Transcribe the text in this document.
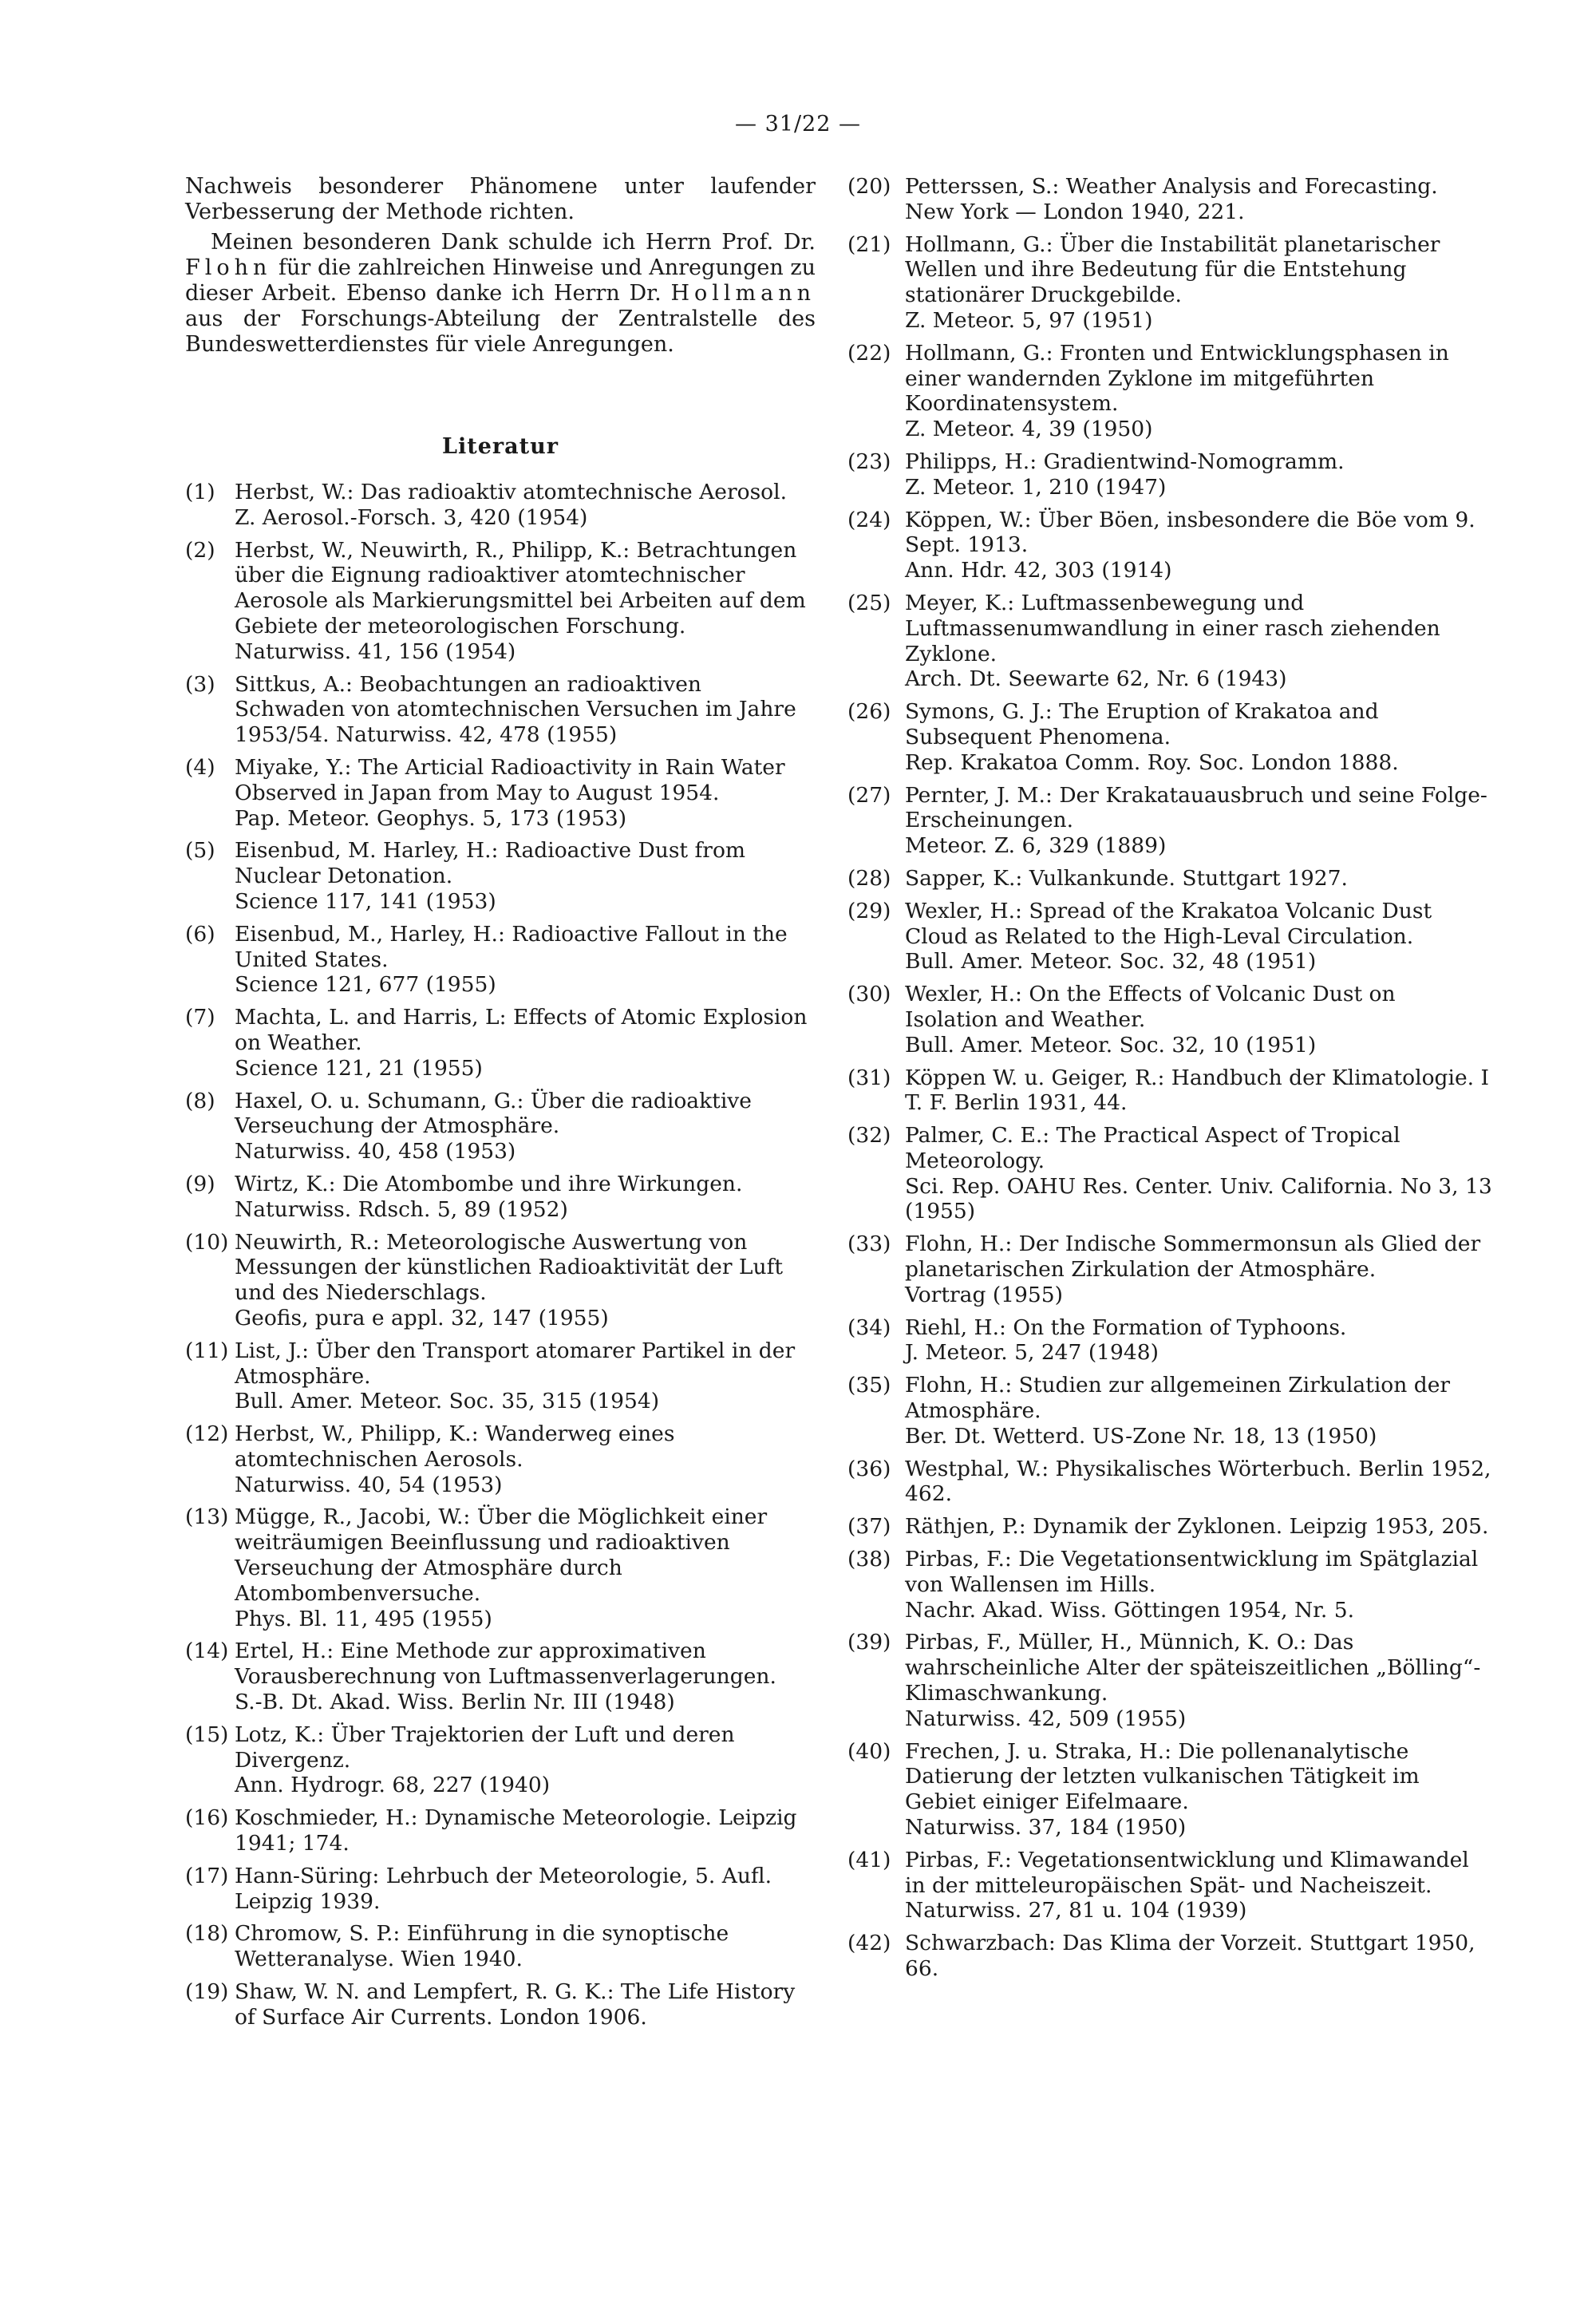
— 31/22 —

Nachweis besonderer Phänomene unter laufender Verbesserung der Methode richten.

Meinen besonderen Dank schulde ich Herrn Prof. Dr. Flohn für die zahlreichen Hinweise und Anregungen zu dieser Arbeit. Ebenso danke ich Herrn Dr. Hollmann aus der Forschungs-Abteilung der Zentralstelle des Bundeswetterdienstes für viele Anregungen.

Literatur
(1) Herbst, W.: Das radioaktiv atomtechnische Aerosol.
Z. Aerosol.-Forsch. 3, 420 (1954)
(2) Herbst, W., Neuwirth, R., Philipp, K.: Betrachtungen über die Eignung radioaktiver atomtechnischer Aerosole als Markierungsmittel bei Arbeiten auf dem Gebiete der meteorologischen Forschung.
Naturwiss. 41, 156 (1954)
(3) Sittkus, A.: Beobachtungen an radioaktiven Schwaden von atomtechnischen Versuchen im Jahre 1953/54. Naturwiss. 42, 478 (1955)
(4) Miyake, Y.: The Articial Radioactivity in Rain Water Observed in Japan from May to August 1954.
Pap. Meteor. Geophys. 5, 173 (1953)
(5) Eisenbud, M. Harley, H.: Radioactive Dust from Nuclear Detonation.
Science 117, 141 (1953)
(6) Eisenbud, M., Harley, H.: Radioactive Fallout in the United States.
Science 121, 677 (1955)
(7) Machta, L. and Harris, L: Effects of Atomic Explosion on Weather.
Science 121, 21 (1955)
(8) Haxel, O. u. Schumann, G.: Über die radioaktive Verseuchung der Atmosphäre.
Naturwiss. 40, 458 (1953)
(9) Wirtz, K.: Die Atombombe und ihre Wirkungen.
Naturwiss. Rdsch. 5, 89 (1952)
(10) Neuwirth, R.: Meteorologische Auswertung von Messungen der künstlichen Radioaktivität der Luft und des Niederschlags.
Geofis, pura e appl. 32, 147 (1955)
(11) List, J.: Über den Transport atomarer Partikel in der Atmosphäre.
Bull. Amer. Meteor. Soc. 35, 315 (1954)
(12) Herbst, W., Philipp, K.: Wanderweg eines atomtechnischen Aerosols.
Naturwiss. 40, 54 (1953)
(13) Mügge, R., Jacobi, W.: Über die Möglichkeit einer weiträumigen Beeinflussung und radioaktiven Verseuchung der Atmosphäre durch Atombombenversuche.
Phys. Bl. 11, 495 (1955)
(14) Ertel, H.: Eine Methode zur approximativen Vorausberechnung von Luftmassenverlagerungen.
S.-B. Dt. Akad. Wiss. Berlin Nr. III (1948)
(15) Lotz, K.: Über Trajektorien der Luft und deren Divergenz.
Ann. Hydrogr. 68, 227 (1940)
(16) Koschmieder, H.: Dynamische Meteorologie. Leipzig 1941; 174.
(17) Hann-Süring: Lehrbuch der Meteorologie, 5. Aufl. Leipzig 1939.
(18) Chromow, S. P.: Einführung in die synoptische Wetteranalyse. Wien 1940.
(19) Shaw, W. N. and Lempfert, R. G. K.: The Life History of Surface Air Currents. London 1906.
(20) Petterssen, S.: Weather Analysis and Forecasting. New York — London 1940, 221.
(21) Hollmann, G.: Über die Instabilität planetarischer Wellen und ihre Bedeutung für die Entstehung stationärer Druckgebilde.
Z. Meteor. 5, 97 (1951)
(22) Hollmann, G.: Fronten und Entwicklungsphasen in einer wandernden Zyklone im mitgeführten Koordinatensystem.
Z. Meteor. 4, 39 (1950)
(23) Philipps, H.: Gradientwind-Nomogramm.
Z. Meteor. 1, 210 (1947)
(24) Köppen, W.: Über Böen, insbesondere die Böe vom 9. Sept. 1913.
Ann. Hdr. 42, 303 (1914)
(25) Meyer, K.: Luftmassenbewegung und Luftmassenumwandlung in einer rasch ziehenden Zyklone.
Arch. Dt. Seewarte 62, Nr. 6 (1943)
(26) Symons, G. J.: The Eruption of Krakatoa and Subsequent Phenomena.
Rep. Krakatoa Comm. Roy. Soc. London 1888.
(27) Pernter, J. M.: Der Krakatauausbruch und seine Folge-Erscheinungen.
Meteor. Z. 6, 329 (1889)
(28) Sapper, K.: Vulkankunde. Stuttgart 1927.
(29) Wexler, H.: Spread of the Krakatoa Volcanic Dust Cloud as Related to the High-Leval Circulation.
Bull. Amer. Meteor. Soc. 32, 48 (1951)
(30) Wexler, H.: On the Effects of Volcanic Dust on Isolation and Weather.
Bull. Amer. Meteor. Soc. 32, 10 (1951)
(31) Köppen W. u. Geiger, R.: Handbuch der Klimatologie. I T. F. Berlin 1931, 44.
(32) Palmer, C. E.: The Practical Aspect of Tropical Meteorology.
Sci. Rep. OAHU Res. Center. Univ. California. No 3, 13 (1955)
(33) Flohn, H.: Der Indische Sommermonsun als Glied der planetarischen Zirkulation der Atmosphäre.
Vortrag (1955)
(34) Riehl, H.: On the Formation of Typhoons.
J. Meteor. 5, 247 (1948)
(35) Flohn, H.: Studien zur allgemeinen Zirkulation der Atmosphäre.
Ber. Dt. Wetterd. US-Zone Nr. 18, 13 (1950)
(36) Westphal, W.: Physikalisches Wörterbuch. Berlin 1952, 462.
(37) Räthjen, P.: Dynamik der Zyklonen. Leipzig 1953, 205.
(38) Pirbas, F.: Die Vegetationsentwicklung im Spätglazial von Wallensen im Hills.
Nachr. Akad. Wiss. Göttingen 1954, Nr. 5.
(39) Pirbas, F., Müller, H., Münnich, K. O.: Das wahrscheinliche Alter der späteiszeitlichen „Bölling“-Klimaschwankung.
Naturwiss. 42, 509 (1955)
(40) Frechen, J. u. Straka, H.: Die pollenanalytische Datierung der letzten vulkanischen Tätigkeit im Gebiet einiger Eifelmaare.
Naturwiss. 37, 184 (1950)
(41) Pirbas, F.: Vegetationsentwicklung und Klimawandel in der mitteleuropäischen Spät- und Nacheiszeit.
Naturwiss. 27, 81 u. 104 (1939)
(42) Schwarzbach: Das Klima der Vorzeit. Stuttgart 1950, 66.
